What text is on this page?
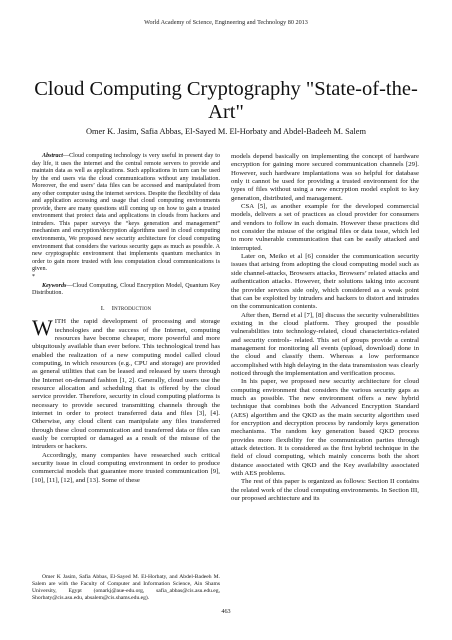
World Academy of Science, Engineering and Technology 80 2013
Cloud Computing Cryptography "State-of-the-Art"
Omer K. Jasim, Safia Abbas, El-Sayed M. El-Horbaty and Abdel-Badeeh M. Salem

Abstract—Cloud computing technology is very useful in present day to day life, it uses the internet and the central remote servers to provide and maintain data as well as applications. Such applications in turn can be used by the end users via the cloud communications without any installation. Moreover, the end users’ data files can be accessed and manipulated from any other computer using the internet services. Despite the flexibility of data and application accessing and usage that cloud computing environments provide, there are many questions still coming up on how to gain a trusted environment that protect data and applications in clouds from hackers and intruders. This paper surveys the “keys generation and management” mechanism and encryption/decryption algorithms used in cloud computing environments, We proposed new security architecture for cloud computing environment that considers the various security gaps as much as possible. A new cryptographic environment that implements quantum mechanics in order to gain more trusted with less computation cloud communications is given.

*

Keywords—Cloud Computing, Cloud Encryption Model, Quantum Key Distribution.

I. Introduction

WITH the rapid development of processing and storage technologies and the success of the Internet, computing resources have become cheaper, more powerful and more ubiquitously available than ever before. This technological trend has enabled the realization of a new computing model called cloud computing, in which resources (e.g., CPU and storage) are provided as general utilities that can be leased and released by users through the Internet on-demand fashion [1, 2]. Generally, cloud users use the resource allocation and scheduling that is offered by the cloud service provider. Therefore, security in cloud computing platforms is necessary to provide secured transmitting channels through the internet in order to protect transferred data and files [3], [4]. Otherwise, any cloud client can manipulate any files transferred through these cloud communication and transferred data or files can easily be corrupted or damaged as a result of the misuse of the intruders or hackers.

Accordingly, many companies have researched such critical security issue in cloud computing environment in order to produce commercial models that guarantee more trusted communication [9], [10], [11], [12], and [13]. Some of these

models depend basically on implementing the concept of hardware encryption for gaining more secured communication channels [29]. However, such hardware implantations was so helpful for database only it cannot be used for providing a trusted environment for the types of files without using a new encryption model exploit to key generation, distributed, and management.

CSA [5], as another example for the developed commercial models, delivers a set of practices as cloud provider for consumers and vendors to follow in each domain. However these practices did not consider the misuse of the original files or data issue, which led to more vulnerable communication that can be easily attacked and interrupted.

Later on, Meiko et al [6] consider the communication security issues that arising from adopting the cloud computing model such as side channel-attacks, Browsers attacks, Browsers’ related attacks and authentication attacks. However, their solutions taking into account the provider services side only, which considered as a weak point that can be exploited by intruders and hackers to distort and intrudes on the communication contents.

After then, Bernd et al [7], [8] discuss the security vulnerabilities existing in the cloud platform. They grouped the possible vulnerabilities into technology-related, cloud characteristics-related and security controls- related. This set of groups provide a central management for monitoring all events (upload, download) done in the cloud and classify them. Whereas a low performance accomplished with high delaying in the data transmission was clearly noticed through the implementation and verification process.

In his paper, we proposed new security architecture for cloud computing environment that considers the various security gaps as much as possible. The new environment offers a new hybrid technique that combines both the Advanced Encryption Standard (AES) algorithm and the QKD as the main security algorithm used for encryption and decryption process by randomly keys generation mechanisms. The random key generation based QKD process provides more flexibility for the communication parties through attack detection. It is considered as the first hybrid technique in the field of cloud computing, which mainly concerns both the short distance associated with QKD and the Key availability associated with AES problems.

The rest of this paper is organized as follows: Section II contains the related work of the cloud computing environments. In Section III, our proposed architecture and its

Omer K Jasim, Safia Abbas, El-Sayed M. El-Horbaty, and Abdel-Badeeh M. Salem are with the Faculty of Computer and Information Science, Ain Shams University, Egypt (omarkj@aue-edu.org, safia_abbas@cis.asu.edu.eg, Shorbaty@cis.asu.edu, absalem@cis.shams.edu.eg).

463
